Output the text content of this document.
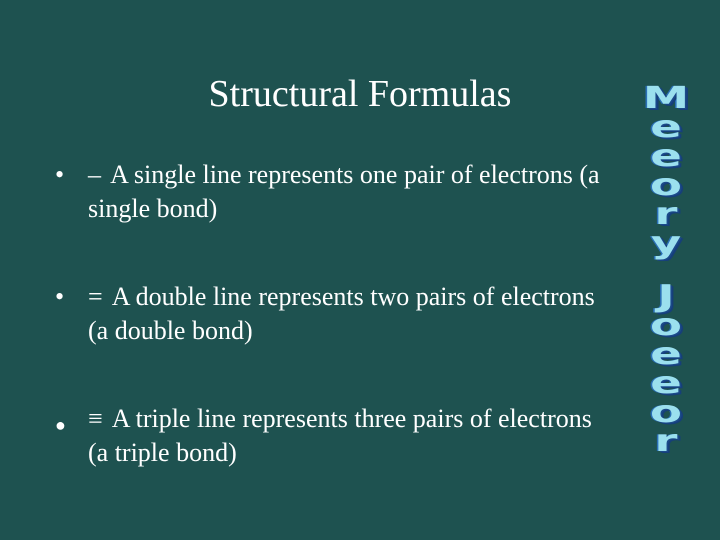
Structural Formulas
• – A single line represents one pair of electrons (a single bond)
• = A double line represents two pairs of electrons (a double bond)
● ≡ A triple line represents three pairs of electrons (a triple bond)
M
e
e
o
r
y
J
o
e
e
o
r
